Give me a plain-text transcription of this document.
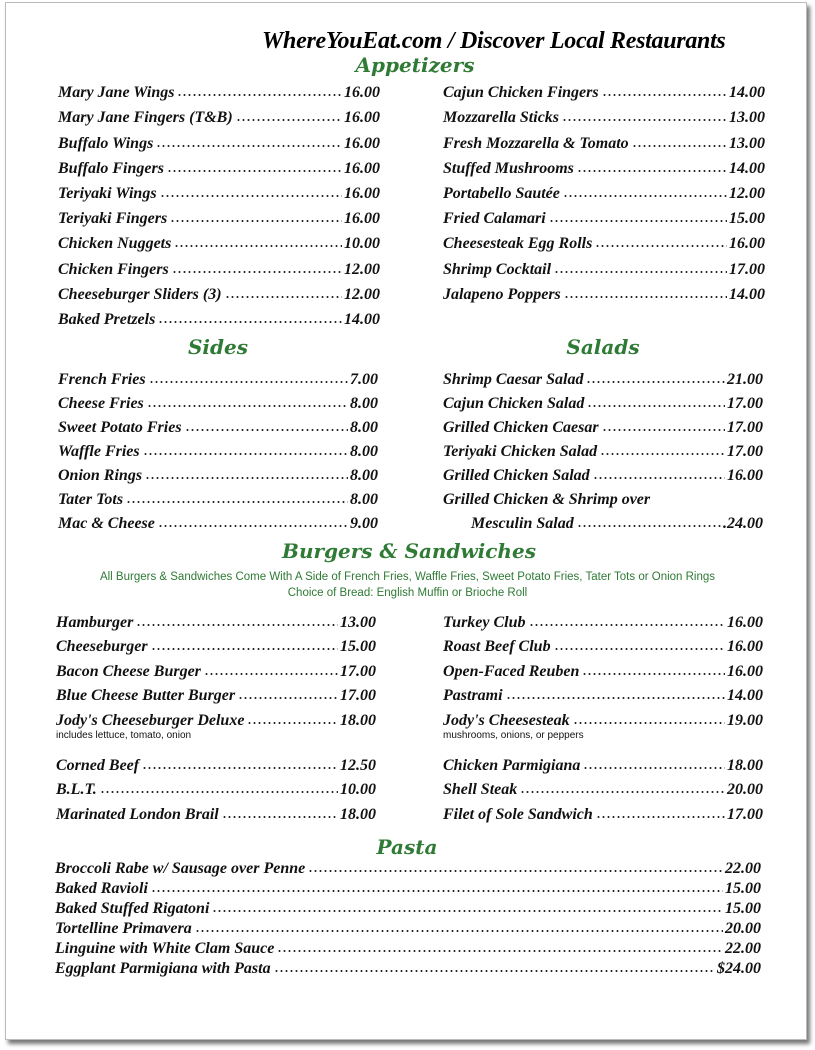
WhereYouEat.com / Discover Local Restaurants
Appetizers
Mary Jane Wings	16.00
Mary Jane Fingers (T&B)	16.00
Buffalo Wings	16.00
Buffalo Fingers	16.00
Teriyaki Wings	16.00
Teriyaki Fingers	16.00
Chicken Nuggets	10.00
Chicken Fingers	12.00
Cheeseburger Sliders (3)	12.00
Baked Pretzels	14.00
Cajun Chicken Fingers	14.00
Mozzarella Sticks	13.00
Fresh Mozzarella & Tomato	13.00
Stuffed Mushrooms	14.00
Portabello Sautée	12.00
Fried Calamari	15.00
Cheesesteak Egg Rolls	16.00
Shrimp Cocktail	17.00
Jalapeno Poppers	14.00
Sides	Salads
French Fries	7.00
Cheese Fries	8.00
Sweet Potato Fries	8.00
Waffle Fries	8.00
Onion Rings	8.00
Tater Tots	8.00
Mac & Cheese	9.00
Shrimp Caesar Salad	21.00
Cajun Chicken Salad	17.00
Grilled Chicken Caesar	17.00
Teriyaki Chicken Salad	17.00
Grilled Chicken Salad	16.00
Grilled Chicken & Shrimp over
Mesculin Salad	.24.00
Burgers & Sandwiches
All Burgers & Sandwiches Come With A Side of French Fries, Waffle Fries, Sweet Potato Fries, Tater Tots or Onion Rings
Choice of Bread: English Muffin or Brioche Roll
Hamburger	13.00
Cheeseburger	15.00
Bacon Cheese Burger	17.00
Blue Cheese Butter Burger	17.00
Jody's Cheeseburger Deluxe	18.00
includes lettuce, tomato, onion
Corned Beef	12.50
B.L.T.	10.00
Marinated London Brail	18.00
Turkey Club	16.00
Roast Beef Club	16.00
Open-Faced Reuben	16.00
Pastrami	14.00
Jody's Cheesesteak	19.00
mushrooms, onions, or peppers
Chicken Parmigiana	18.00
Shell Steak	20.00
Filet of Sole Sandwich	17.00
Pasta
Broccoli Rabe w/ Sausage over Penne	22.00
Baked Ravioli	15.00
Baked Stuffed Rigatoni	15.00
Tortelline Primavera	20.00
Linguine with White Clam Sauce	22.00
Eggplant Parmigiana with Pasta	$24.00
